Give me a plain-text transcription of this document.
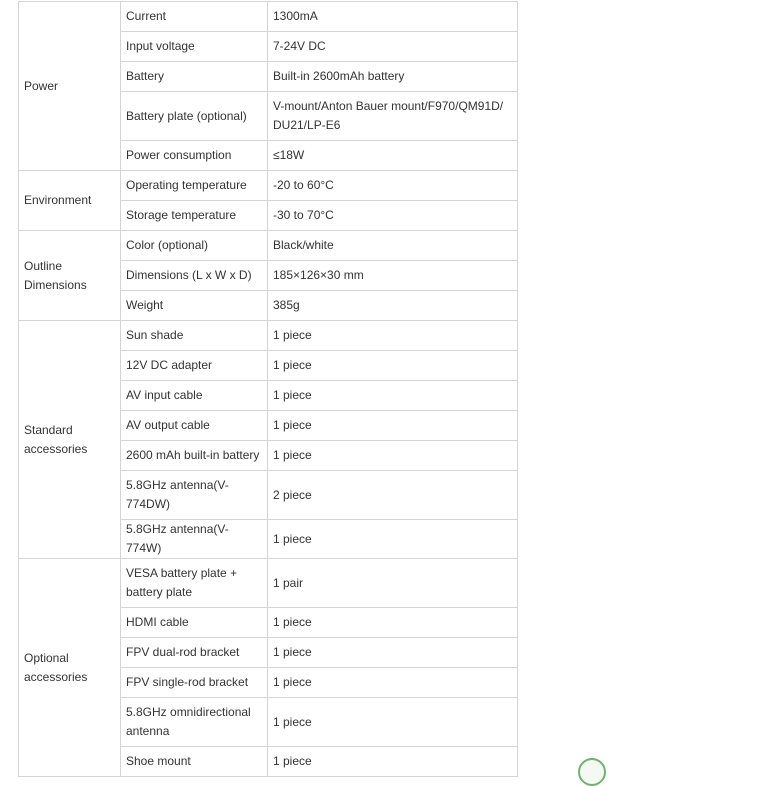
Power	Current	1300mA
	Input voltage	7-24V DC
	Battery	Built-in 2600mAh battery
	Battery plate (optional)	V-mount/Anton Bauer mount/F970/QM91D/ DU21/LP-E6
	Power consumption	≤18W
Environment	Operating temperature	-20 to 60°C
	Storage temperature	-30 to 70°C
Outline Dimensions	Color (optional)	Black/white
	Dimensions (L x W x D)	185×126×30 mm
	Weight	385g
Standard accessories	Sun shade	1 piece
	12V DC adapter	1 piece
	AV input cable	1 piece
	AV output cable	1 piece
	2600 mAh built-in battery	1 piece
	5.8GHz antenna(V-774DW)	2 piece
	5.8GHz antenna(V-774W)	1 piece
Optional accessories	VESA battery plate + battery plate	1 pair
	HDMI cable	1 piece
	FPV dual-rod bracket	1 piece
	FPV single-rod bracket	1 piece
	5.8GHz omnidirectional antenna	1 piece
	Shoe mount	1 piece
